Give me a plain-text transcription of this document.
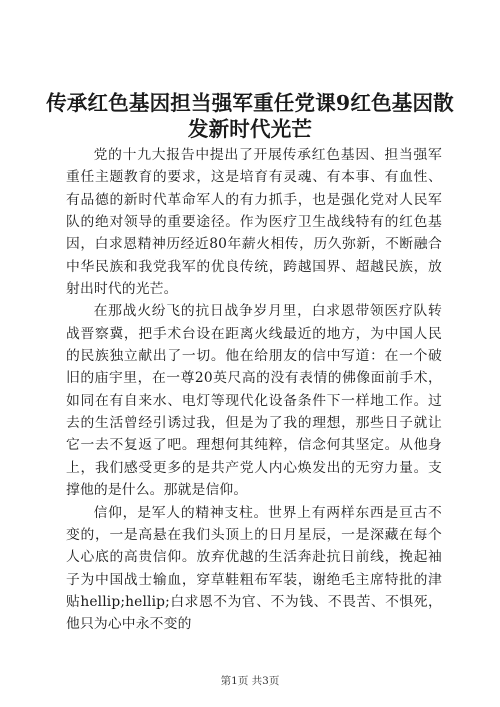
传承红色基因担当强军重任党课9红色基因散发新时代光芒

党的十九大报告中提出了开展传承红色基因、担当强军重任主题教育的要求，这是培育有灵魂、有本事、有血性、有品德的新时代革命军人的有力抓手，也是强化党对人民军队的绝对领导的重要途径。作为医疗卫生战线特有的红色基因，白求恩精神历经近80年薪火相传，历久弥新，不断融合中华民族和我党我军的优良传统，跨越国界、超越民族，放射出时代的光芒。

在那战火纷飞的抗日战争岁月里，白求恩带领医疗队转战晋察冀，把手术台设在距离火线最近的地方，为中国人民的民族独立献出了一切。他在给朋友的信中写道：在一个破旧的庙宇里，在一尊20英尺高的没有表情的佛像面前手术，如同在有自来水、电灯等现代化设备条件下一样地工作。过去的生活曾经引诱过我，但是为了我的理想，那些日子就让它一去不复返了吧。理想何其纯粹，信念何其坚定。从他身上，我们感受更多的是共产党人内心焕发出的无穷力量。支撑他的是什么。那就是信仰。

信仰，是军人的精神支柱。世界上有两样东西是亘古不变的，一是高悬在我们头顶上的日月星辰，一是深藏在每个人心底的高贵信仰。放弃优越的生活奔赴抗日前线，挽起袖子为中国战士输血，穿草鞋粗布军装，谢绝毛主席特批的津贴hellip;hellip;白求恩不为官、不为钱、不畏苦、不惧死，他只为心中永不变的

第1页 共3页
